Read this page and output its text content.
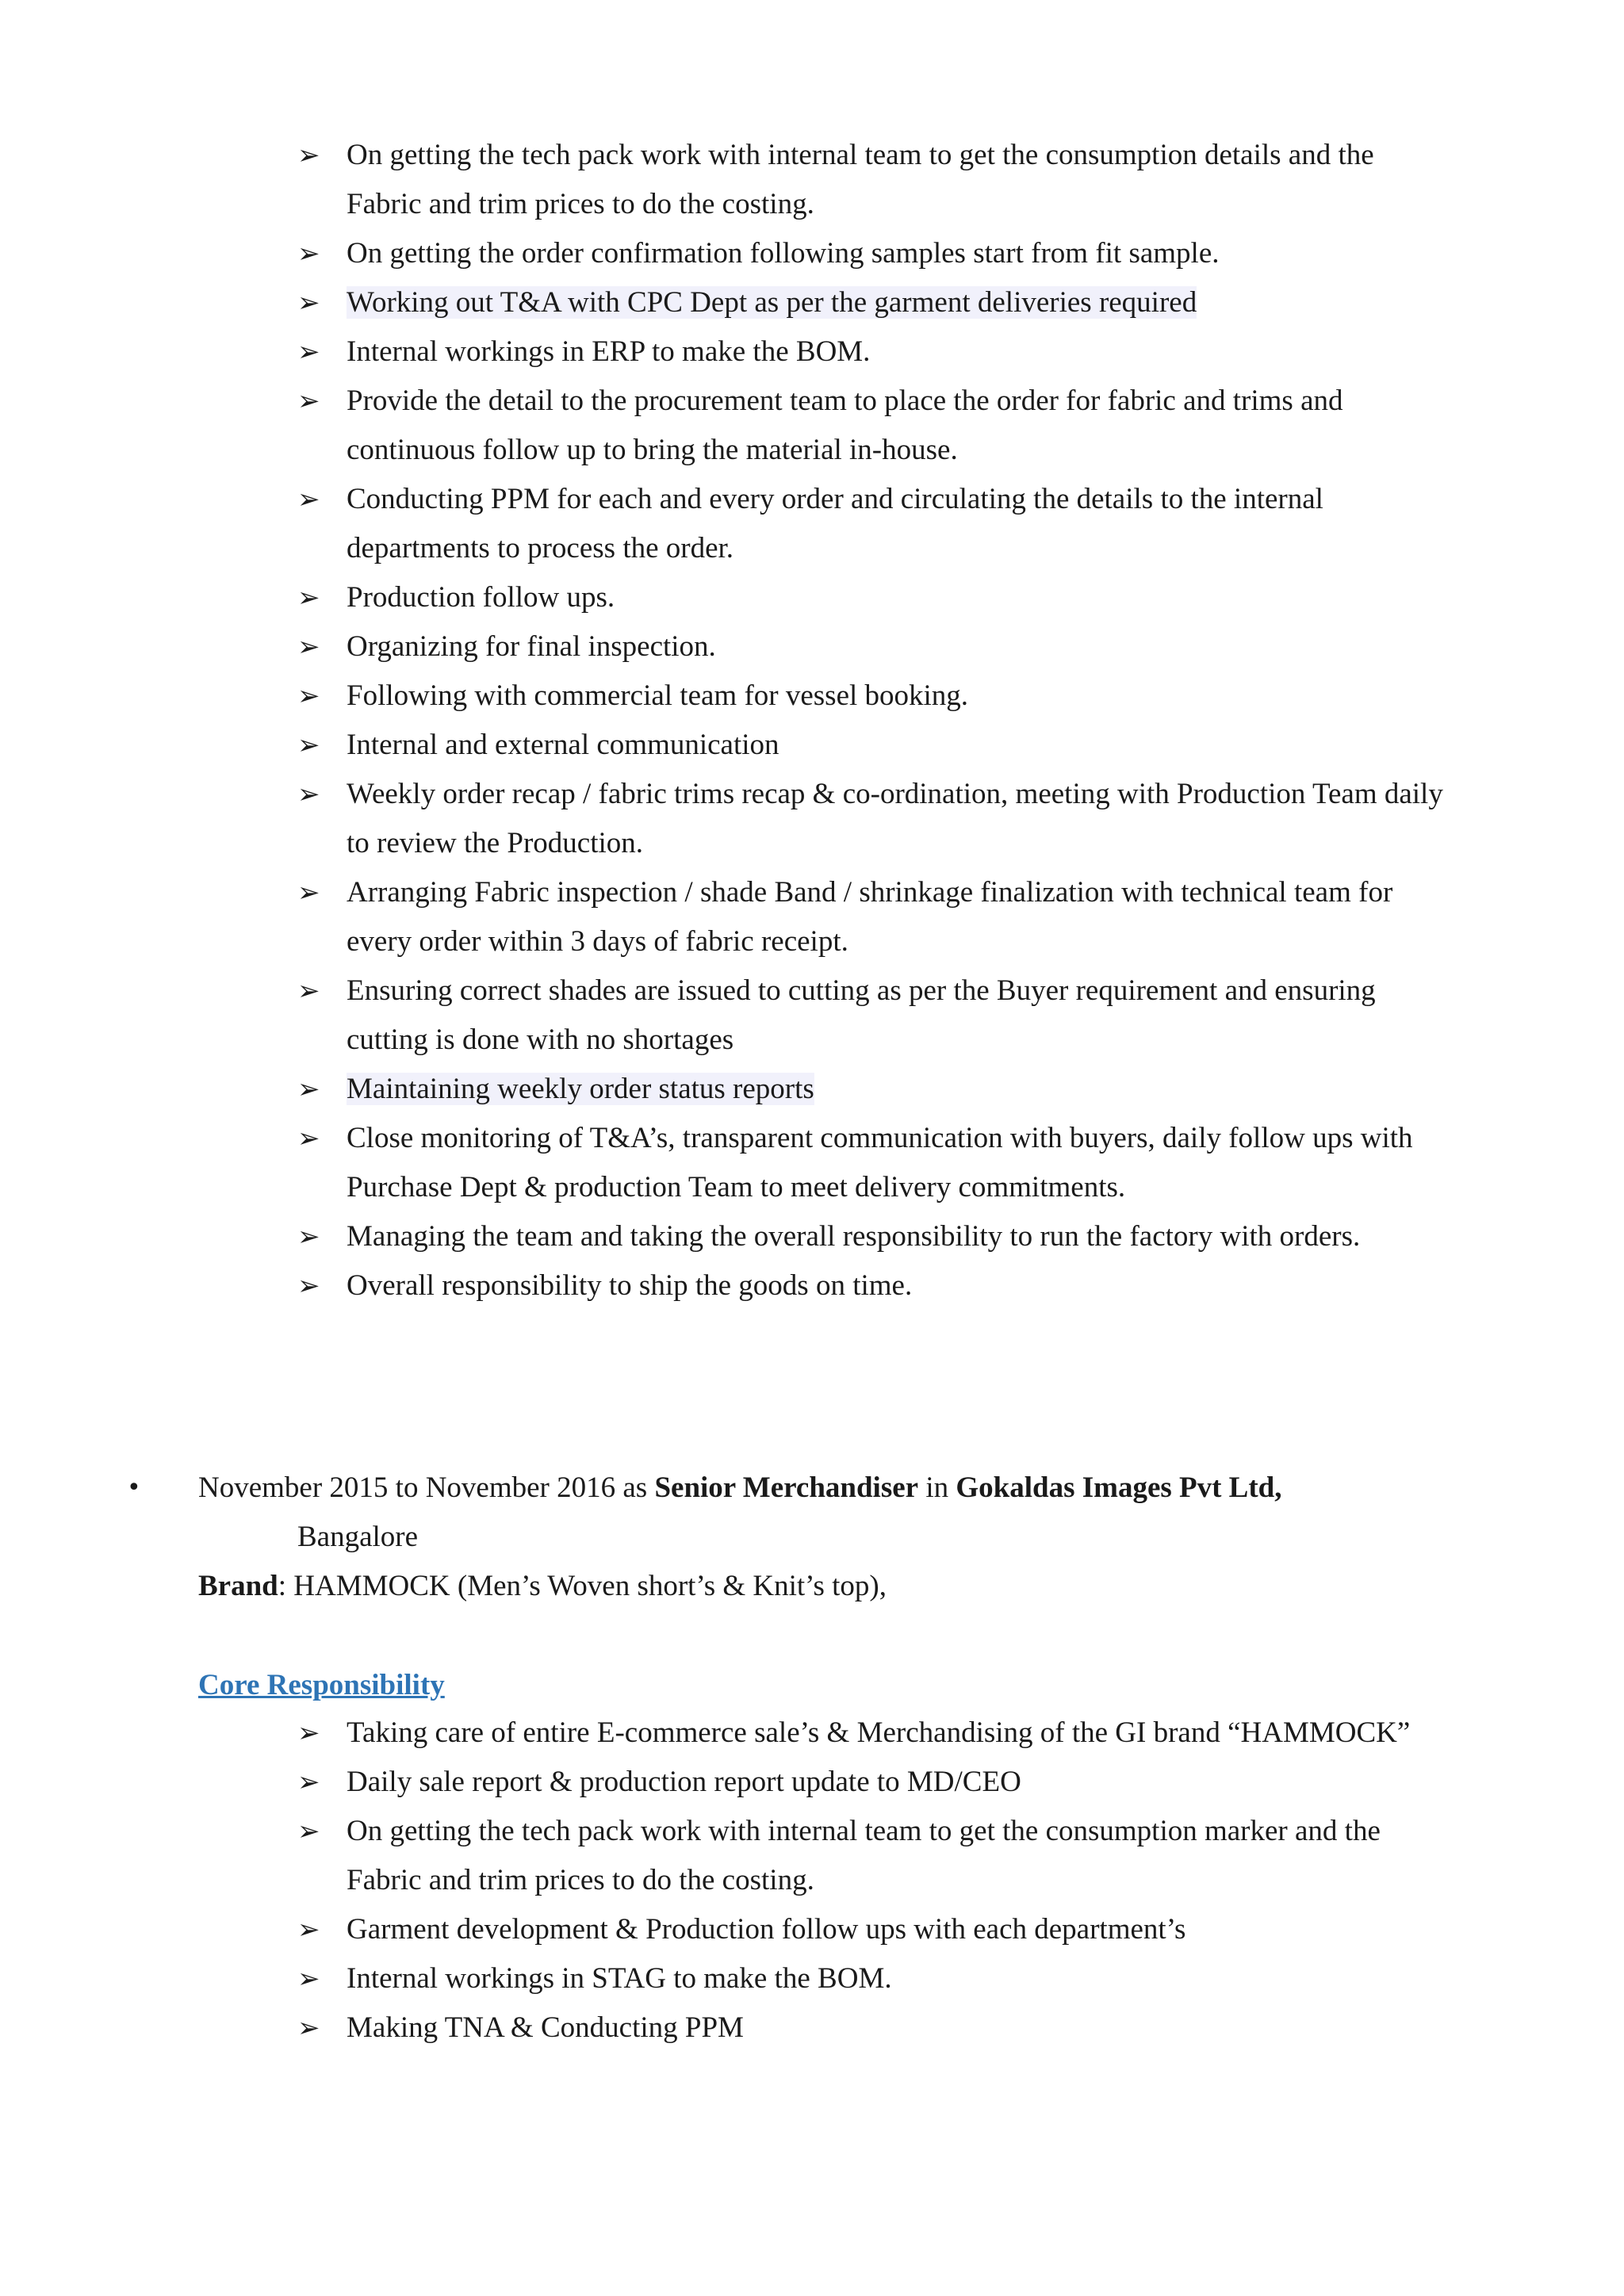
➢ On getting the tech pack work with internal team to get the consumption details and the Fabric and trim prices to do the costing.
➢ On getting the order confirmation following samples start from fit sample.
➢ Working out T&A with CPC Dept as per the garment deliveries required
➢ Internal workings in ERP to make the BOM.
➢ Provide the detail to the procurement team to place the order for fabric and trims and continuous follow up to bring the material in-house.
➢ Conducting PPM for each and every order and circulating the details to the internal departments to process the order.
➢ Production follow ups.
➢ Organizing for final inspection.
➢ Following with commercial team for vessel booking.
➢ Internal and external communication
➢ Weekly order recap / fabric trims recap & co-ordination, meeting with Production Team daily to review the Production.
➢ Arranging Fabric inspection / shade Band / shrinkage finalization with technical team for every order within 3 days of fabric receipt.
➢ Ensuring correct shades are issued to cutting as per the Buyer requirement and ensuring cutting is done with no shortages
➢ Maintaining weekly order status reports
➢ Close monitoring of T&A’s, transparent communication with buyers, daily follow ups with Purchase Dept & production Team to meet delivery commitments.
➢ Managing the team and taking the overall responsibility to run the factory with orders.
➢ Overall responsibility to ship the goods on time.
•	November 2015 to November 2016 as Senior Merchandiser in Gokaldas Images Pvt Ltd,
Bangalore
Brand: HAMMOCK (Men’s Woven short’s & Knit’s top),
Core Responsibility
➢ Taking care of entire E-commerce sale’s & Merchandising of the GI brand “HAMMOCK”
➢ Daily sale report & production report update to MD/CEO
➢ On getting the tech pack work with internal team to get the consumption marker and the Fabric and trim prices to do the costing.
➢ Garment development & Production follow ups with each department’s
➢ Internal workings in STAG to make the BOM.
➢ Making TNA & Conducting PPM
